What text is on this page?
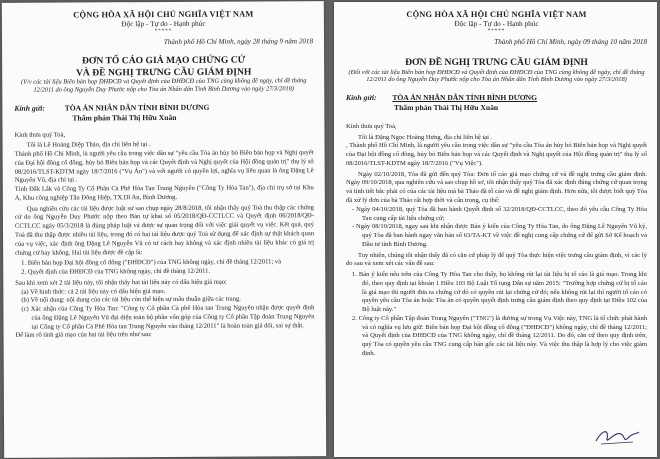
CỘNG HÒA XÃ HỘI CHỦ NGHĨA VIỆT NAM
Độc lập - Tự do - Hạnh phúc
*****
Thành phố Hồ Chí Minh, ngày 28 tháng 9 năm 2018
ĐƠN TỐ CÁO GIẢ MẠO CHỨNG CỨ
VÀ ĐỀ NGHỊ TRƯNG CẦU GIÁM ĐỊNH
(V/v các tài liệu Biên bản họp ĐHĐCĐ và Quyết định của ĐHĐCĐ của TNG cùng không đề ngày, chỉ đề tháng 12/2011 do ông Nguyễn Duy Phước nộp cho Tòa án Nhân dân Tỉnh Bình Dương vào ngày 27/3/2018)
Kính gửi:	TÒA ÁN NHÂN DÂN TỈNH BÌNH DƯƠNG
Thẩm phán Thái Thị Hữu Xuân

Kính thưa quý Toà,

Tôi là Lê Hoàng Diệp Thảo, địa chỉ liên hệ tại .

Thành phố Hồ Chí Minh, là người yêu cầu trong việc dân sự "yêu cầu Tòa án hủy bỏ Biên bản họp và Nghị quyết của Đại hội đồng cổ đông, hủy bỏ Biên bản họp và các Quyết định và Nghị quyết của Hội đồng quản trị" thụ lý số 08/2016/TLST-KDTM ngày 18/7/2016 ("Vụ Án") và với người có quyền lợi, nghĩa vụ liên quan là ông Đặng Lê Nguyên Vũ, địa chỉ tại .

Tỉnh Đắk Lắk và Công Ty Cổ Phần Cà Phê Hòa Tan Trung Nguyên ("Công Ty Hòa Tan"), địa chỉ trụ sở tại Khu A, Khu công nghiệp Tân Đông Hiệp, TX.Dĩ An, Bình Dương.

Qua nghiên cứu các tài liệu được luật sư sao chụp ngày 28/8/2018, tôi nhận thấy quý Toà thu thập các chứng cứ do ông Nguyễn Duy Phước nộp theo Bản tự khai số 05/2018/QĐ-CCTLCC và Quyết định 06/2018/QĐ-CCTLCC ngày 05/3/2018 là đúng pháp luật và được sự quan trọng đối với việc giải quyết vụ việc. Kết quả, quý Toà đã thu thập được nhiều tài liệu, trong đó có hai tài liệu được quý Toà sử dụng để xác định sự thật khách quan của vụ việc, xác định ông Đặng Lê Nguyễn Vũ có tư cách hay không và xác định nhiều tài liệu khác có giá trị chứng cứ hay không. Hai tài liệu được đề cập là:

1. Biên bản họp Đại hội đồng cổ đông ("ĐHĐCĐ") của TNG không ngày, chỉ đề tháng 12/2011; và

2. Quyết định của ĐHĐCĐ của TNG không ngày, chỉ đề tháng 12/2011.

Sau khi xem xét 2 tài liệu này, tôi nhận thấy hai tài liệu này có dấu hiệu giả mạo:

(a) Về hình thức: cả 2 tài liệu này có dấu hiệu giả mạo.

(b) Về nội dung: nội dung của các tài liệu còn thể hiện sự mâu thuẫn giữa các trang.

(c) Xác nhận của Công Ty Hòa Tan: "Công ty Cổ phần Cà phê Hòa tan Trung Nguyên nhận được quyết định của ông Đặng Lê Nguyên Vũ đại diện toàn bộ phần vốn góp của Công ty Cổ phần Tập đoàn Trung Nguyên tại Công ty Cổ phần Cà Phê Hòa tan Trung Nguyên vào tháng 12/2011" là hoàn toàn giả dối, sai sự thật.

Để làm rõ tính giả mạo của hai tài liệu trên như sau:

CỘNG HÒA XÃ HỘI CHỦ NGHĨA VIỆT NAM
Độc lập - Tự do - Hạnh phúc
*****
Thành phố Hồ Chí Minh, ngày 09 tháng 10 năm 2018
ĐƠN ĐỀ NGHỊ TRƯNG CẦU GIÁM ĐỊNH
(Đối với các tài liệu Biên bản họp ĐHĐCĐ và Quyết định của ĐHĐCĐ của TNG cùng không đề ngày, chỉ đề tháng 12/2011 do ông Nguyễn Duy Phước nộp cho Tòa án Nhân dân Tỉnh Bình Dương vào ngày 27/3/2018)
Kính gửi: TÒA ÁN NHÂN DÂN TỈNH BÌNH DƯƠNG
Thẩm phán Thái Thị Hữu Xuân

Kính thưa quý Toà,

Tôi là Đặng Ngọc Hoàng Hưng, địa chỉ liên hệ tại .

, Thành phố Hồ Chí Minh, là người yêu cầu trong việc dân sự "yêu cầu Tòa án hủy bỏ Biên bản họp và Nghị quyết của Đại hội đồng cổ đông, hủy bỏ Biên bản họp và các Quyết định và Nghị quyết của Hội đồng quản trị" thụ lý số 08/2016/TLST-KDTM ngày 18/7/2016 ("Vụ Việc").

Ngày 02/10/2018, Tòa đã gửi đến quý Tòa: Đơn tố cáo giả mạo chứng cứ và đề nghị trưng cầu giám định. Ngày 09/10/2018, qua nghiên cứu và sao chụp hồ sơ, tôi nhận thấy quý Tòa đã xác định đúng chứng cứ quan trọng và tình tiết bắc phải có của các tài liệu mà bà Thảo đã tố cáo và đề nghị giám định. Hơn nữa, tôi được biết quý Tòa đã xử lý đơn của bà Thảo rất hợp thời và cẩn trọng, cụ thể:

- Ngày 04/10/2018, quý Tòa đã ban hành Quyết định số 32/2018/QĐ-CCTLCC, theo đó yêu cầu Công Ty Hòa Tan cung cấp tài liệu chứng cứ;

- Ngày 08/10/2018, ngay sau khi nhận được Bản ý kiến của Công Ty Hòa Tan, do ông Đặng Lê Nguyên Vũ ký, quý Tòa đã ban hành ngay văn bản số 63/TA-KT về việc đề nghị cung cấp chứng cứ để gửi Sở Kế hoạch và Đầu tư tỉnh Bình Dương.

Tuy nhiên, chúng tôi nhận thấy đã có căn cứ pháp lý để quý Tòa thực hiện việc trưng cầu giám định, vì các lý do sau và xem xét các vấn đề sau:

1. Bản ý kiến nêu trên của Công Ty Hòa Tan cho thấy, họ không rút lại tài liệu bị tố cáo là giả mạo. Trong khi đó, theo quy định tại khoản 1 Điều 103 Bộ Luật Tố tụng Dân sự năm 2015: "Trường hợp chứng cứ bị tố cáo là giả mạo thì người đưa ra chứng cứ đó có quyền rút lại chứng cứ đó; nếu không rút lại thì người tố cáo có quyền yêu cầu Tòa án hoặc Tòa án có quyền quyết định trưng cầu giám định theo quy định tại Điều 102 của Bộ luật này."

2. Công ty Cổ phần Tập đoàn Trung Nguyên ("TNG") là đương sự trong Vụ Việc này, TNG là tổ chức phát hành và có nghĩa vụ lưu giữ: Biên bản họp Đại hội đồng cổ đông ("ĐHĐCĐ") không ngày, chỉ đề tháng 12/2011; và Quyết định của ĐHĐCĐ của TNG không ngày, chỉ đề tháng 12/2011. Do đó, căn cứ theo quy định trên, quý Tòa có quyền yêu cầu TNG cung cấp bản gốc các tài liệu này. Và việc thu thập là hợp lý cho việc giám định.
